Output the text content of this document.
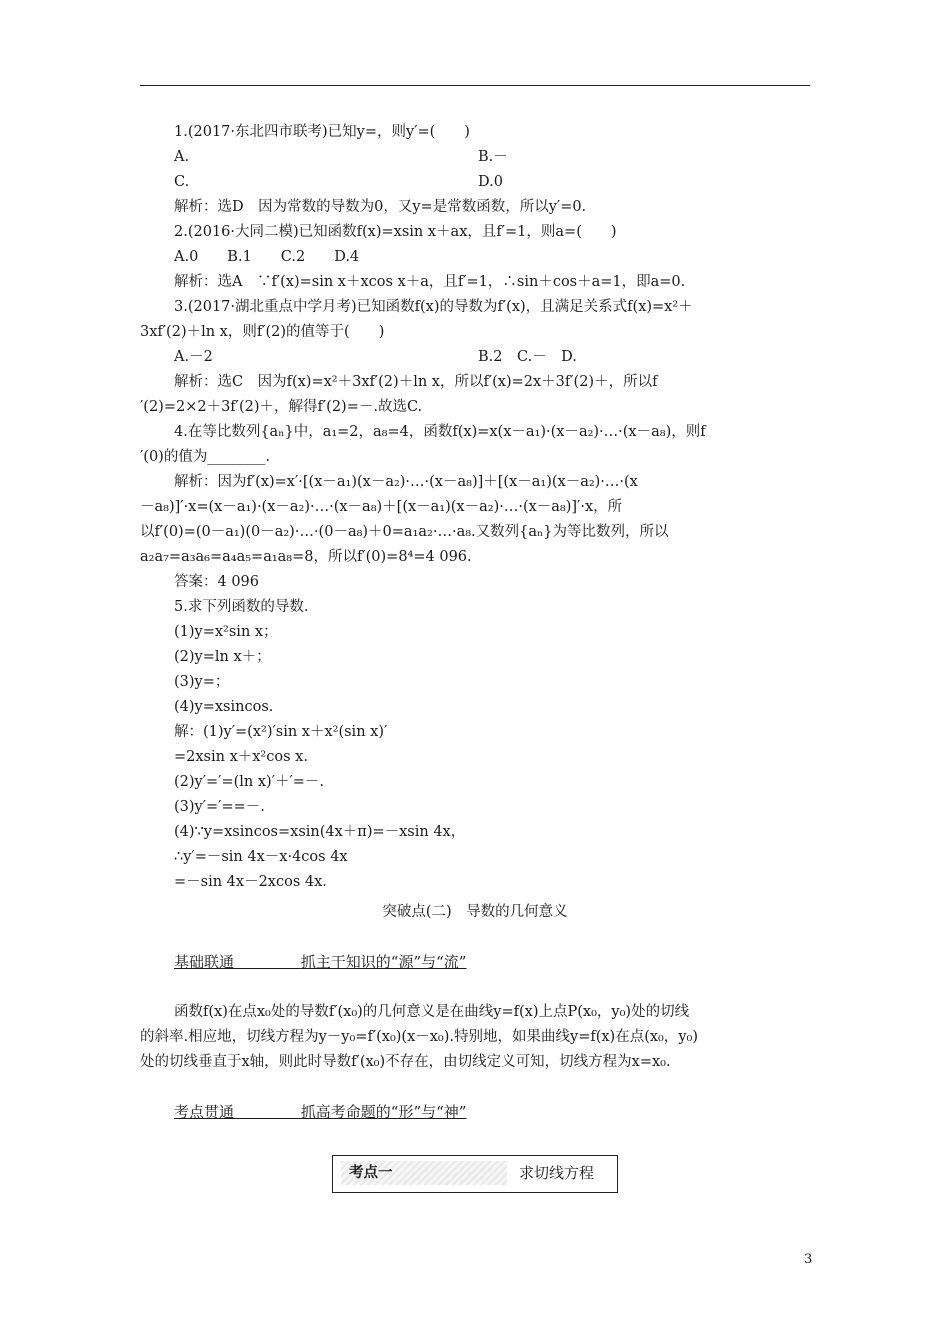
1.(2017·东北四市联考)已知y=，则y′=(　　)
A.	B.－
C.	D.0
解析：选D　因为常数的导数为0，又y=是常数函数，所以y′=0.
2.(2016·大同二模)已知函数f(x)=xsin x＋ax，且f′=1，则a=(　　)
A.0　　B.1　　C.2　　D.4
解析：选A　∵f′(x)=sin x＋xcos x＋a，且f′=1，∴sin＋cos＋a=1，即a=0.
3.(2017·湖北重点中学月考)已知函数f(x)的导数为f′(x)，且满足关系式f(x)=x²＋
3xf′(2)＋ln x，则f′(2)的值等于(　　)
A.－2	B.2　C.－　D.
解析：选C　因为f(x)=x²＋3xf′(2)＋ln x，所以f′(x)=2x＋3f′(2)＋，所以f
′(2)=2×2＋3f′(2)＋，解得f′(2)=－.故选C.
4.在等比数列{aₙ}中，a₁=2，a₈=4，函数f(x)=x(x－a₁)·(x－a₂)·…·(x－a₈)，则f
′(0)的值为________.
解析：因为f′(x)=x′·[(x－a₁)(x－a₂)·…·(x－a₈)]＋[(x－a₁)(x－a₂)·…·(x
－a₈)]′·x=(x－a₁)·(x－a₂)·…·(x－a₈)＋[(x－a₁)(x－a₂)·…·(x－a₈)]′·x，所
以f′(0)=(0－a₁)(0－a₂)·…·(0－a₈)＋0=a₁a₂·…·a₈.又数列{aₙ}为等比数列，所以
a₂a₇=a₃a₆=a₄a₅=a₁a₈=8，所以f′(0)=8⁴=4 096.
答案：4 096
5.求下列函数的导数.
(1)y=x²sin x；
(2)y=ln x＋；
(3)y=；
(4)y=xsincos.
解：(1)y′=(x²)′sin x＋x²(sin x)′
=2xsin x＋x²cos x.
(2)y′=′=(ln x)′＋′=－.
(3)y′=′==－.
(4)∵y=xsincos=xsin(4x＋π)=－xsin 4x，
∴y′=－sin 4x－x·4cos 4x
=－sin 4x－2xcos 4x.
突破点(二)　导数的几何意义
基础联通	抓主干知识的“源”与“流”
函数f(x)在点x₀处的导数f′(x₀)的几何意义是在曲线y=f(x)上点P(x₀，y₀)处的切线
的斜率.相应地，切线方程为y－y₀=f′(x₀)(x－x₀).特别地，如果曲线y=f(x)在点(x₀，y₀)
处的切线垂直于x轴，则此时导数f′(x₀)不存在，由切线定义可知，切线方程为x=x₀.
考点贯通	抓高考命题的“形”与“神”
考点一	求切线方程
3
